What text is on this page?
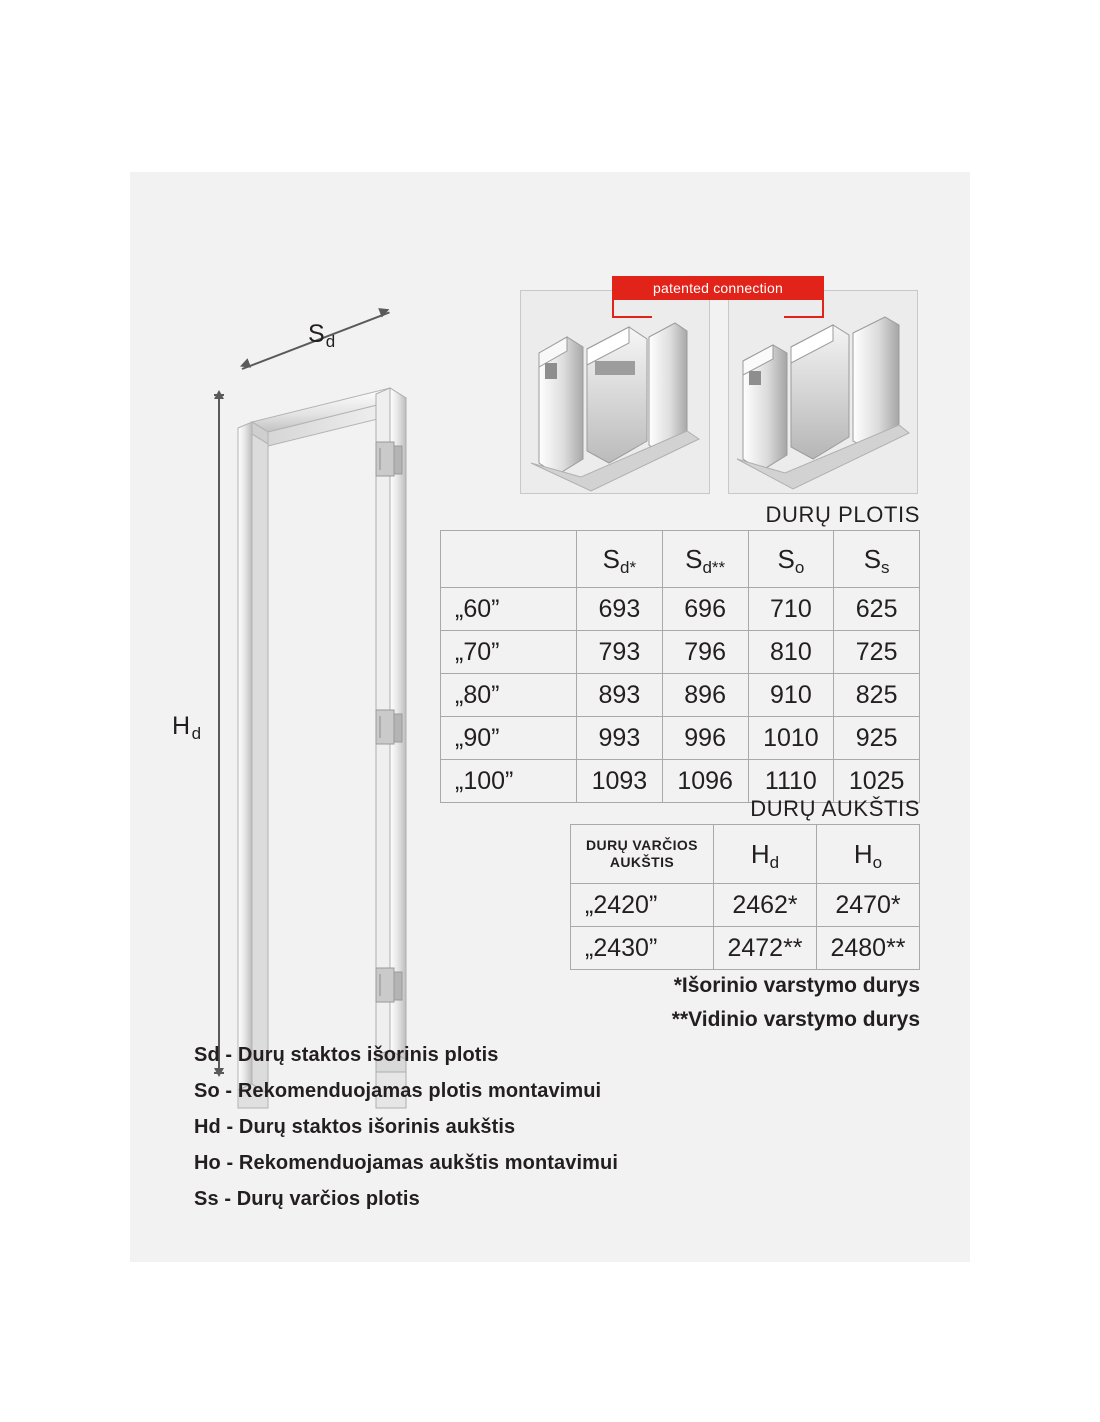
$H_d$
$S_d$
patented connection
DURŲ PLOTIS
	Sd*	Sd**	So	Ss
„60”	693	696	710	625
„70”	793	796	810	725
„80”	893	896	910	825
„90”	993	996	1010	925
„100”	1093	1096	1110	1025
DURŲ AUKŠTIS
DURŲ VARČIOS AUKŠTIS	Hd	Ho
„2420”	2462*	2470*
„2430”	2472**	2480**
*Išorinio varstymo durys
**Vidinio varstymo durys
Sd - Durų staktos išorinis plotis
So - Rekomenduojamas plotis montavimui
Hd - Durų staktos išorinis aukštis
Ho - Rekomenduojamas aukštis montavimui
Ss - Durų varčios plotis
